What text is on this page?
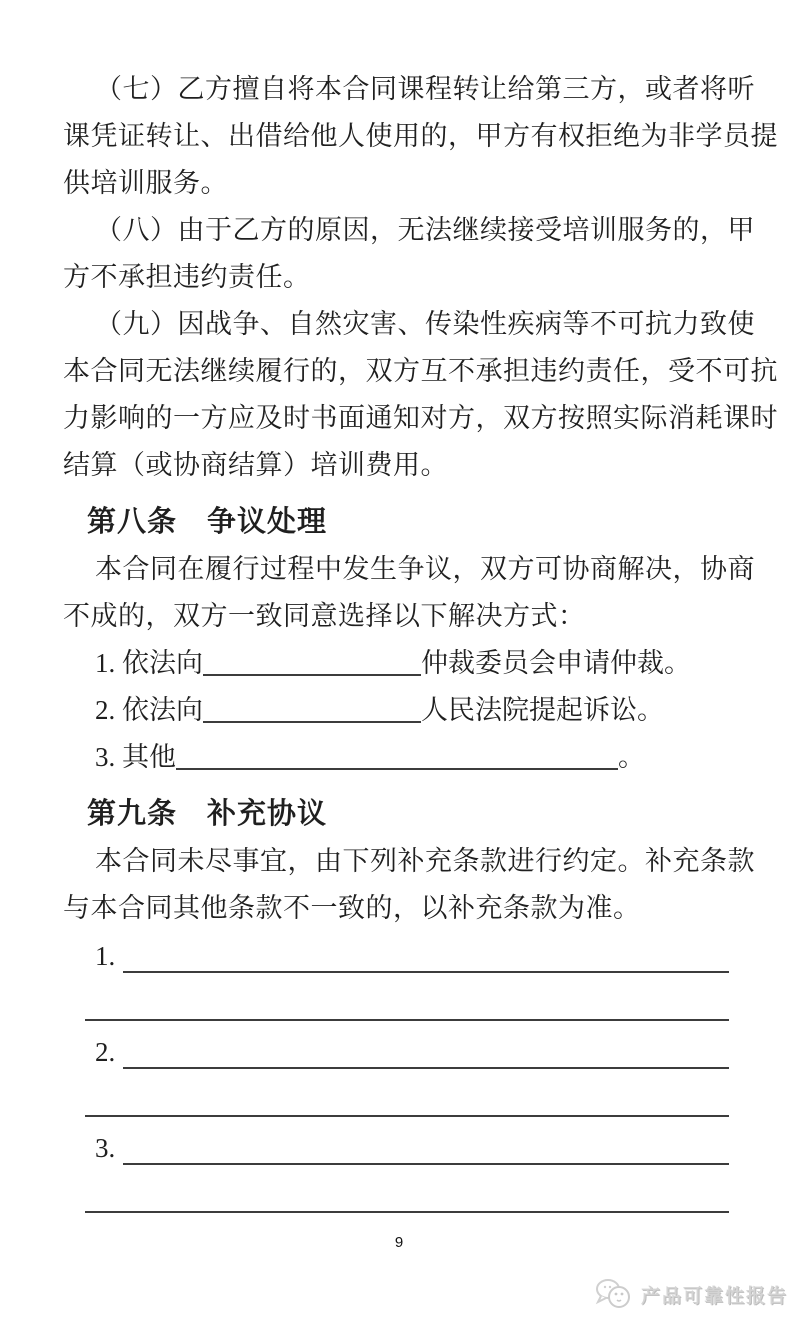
（七）乙方擅自将本合同课程转让给第三方，或者将听
课凭证转让、出借给他人使用的，甲方有权拒绝为非学员提
供培训服务。
（八）由于乙方的原因，无法继续接受培训服务的，甲
方不承担违约责任。
（九）因战争、自然灾害、传染性疾病等不可抗力致使
本合同无法继续履行的，双方互不承担违约责任，受不可抗
力影响的一方应及时书面通知对方，双方按照实际消耗课时
结算（或协商结算）培训费用。
第八条　争议处理
本合同在履行过程中发生争议，双方可协商解决，协商
不成的，双方一致同意选择以下解决方式：
1. 依法向	仲裁委员会申请仲裁。
2. 依法向	人民法院提起诉讼。
3. 其他	。
第九条　补充协议
本合同未尽事宜，由下列补充条款进行约定。补充条款
与本合同其他条款不一致的，以补充条款为准。
1.
2.
3.
9
产品可靠性报告
